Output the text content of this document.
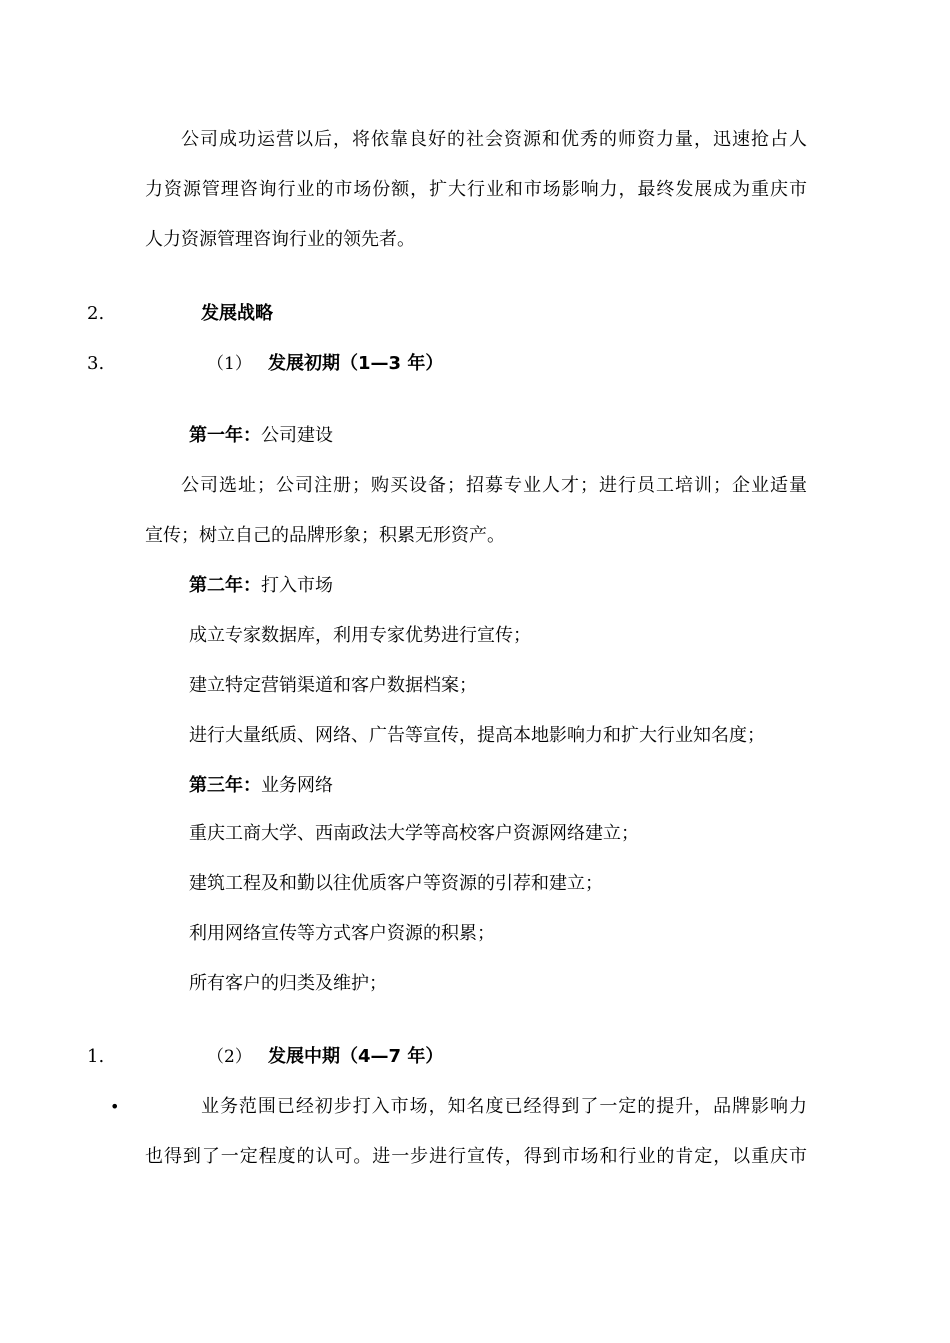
公司成功运营以后，将依靠良好的社会资源和优秀的师资力量，迅速抢占人
力资源管理咨询行业的市场份额，扩大行业和市场影响力，最终发展成为重庆市
人力资源管理咨询行业的领先者。
2.	发展战略
3.	（1） 发展初期（1—3 年）
第一年：公司建设
公司选址；公司注册；购买设备；招募专业人才；进行员工培训；企业适量
宣传；树立自己的品牌形象；积累无形资产。
第二年：打入市场
成立专家数据库，利用专家优势进行宣传；
建立特定营销渠道和客户数据档案；
进行大量纸质、网络、广告等宣传，提高本地影响力和扩大行业知名度；
第三年：业务网络
重庆工商大学、西南政法大学等高校客户资源网络建立；
建筑工程及和勤以往优质客户等资源的引荐和建立；
利用网络宣传等方式客户资源的积累；
所有客户的归类及维护；
1.	（2） 发展中期（4—7 年）
•	业务范围已经初步打入市场，知名度已经得到了一定的提升，品牌影响力
也得到了一定程度的认可。进一步进行宣传，得到市场和行业的肯定，以重庆市
